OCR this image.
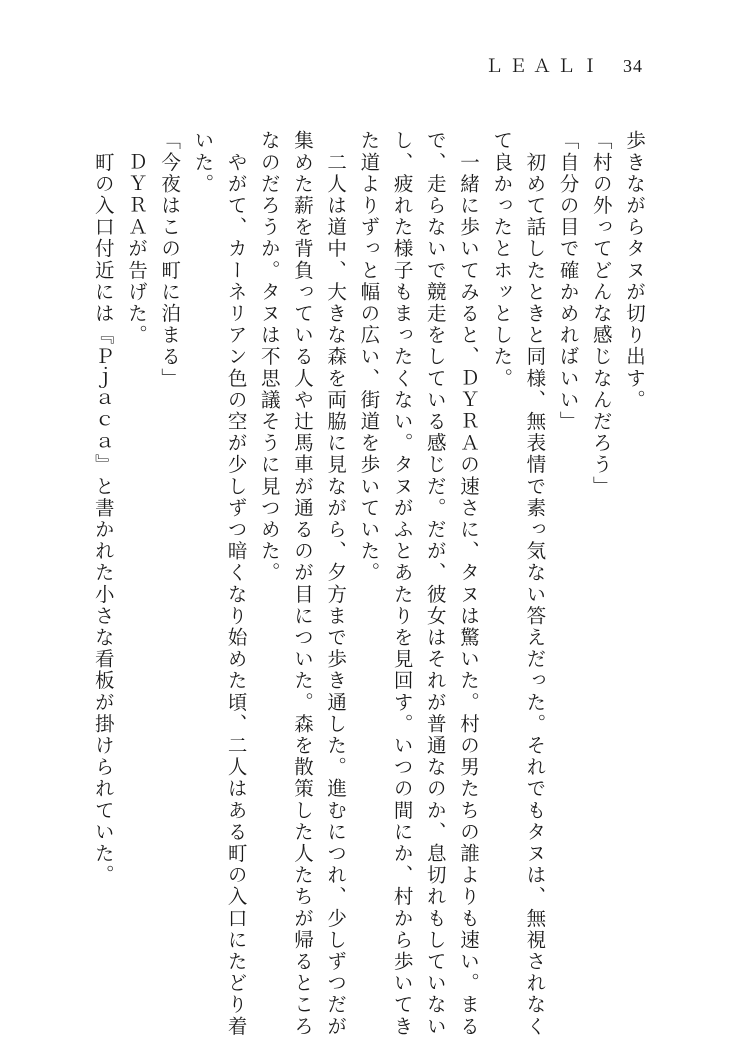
ＬＥＡＬＩ 34
歩きながらタヌが切り出す。
「村の外ってどんな感じなんだろう」
「自分の目で確かめればいい」
　初めて話したときと同様、無表情で素っ気ない答えだった。それでもタヌは、無視されなく
て良かったとホッとした。
　一緒に歩いてみると、ＤＹＲＡの速さに、タヌは驚いた。村の男たちの誰よりも速い。まる
で、走らないで競走をしている感じだ。だが、彼女はそれが普通なのか、息切れもしていない
し、疲れた様子もまったくない。タヌがふとあたりを見回す。いつの間にか、村から歩いてき
た道よりずっと幅の広い、街道を歩いていた。
　二人は道中、大きな森を両脇に見ながら、夕方まで歩き通した。進むにつれ、少しずつだが
集めた薪を背負っている人や辻馬車が通るのが目についた。森を散策した人たちが帰るところ
なのだろうか。タヌは不思議そうに見つめた。
　やがて、カーネリアン色の空が少しずつ暗くなり始めた頃、二人はある町の入口にたどり着
いた。
「今夜はこの町に泊まる」
　ＤＹＲＡが告げた。
　町の入口付近には『Ｐｊａｃａ』と書かれた小さな看板が掛けられていた。
